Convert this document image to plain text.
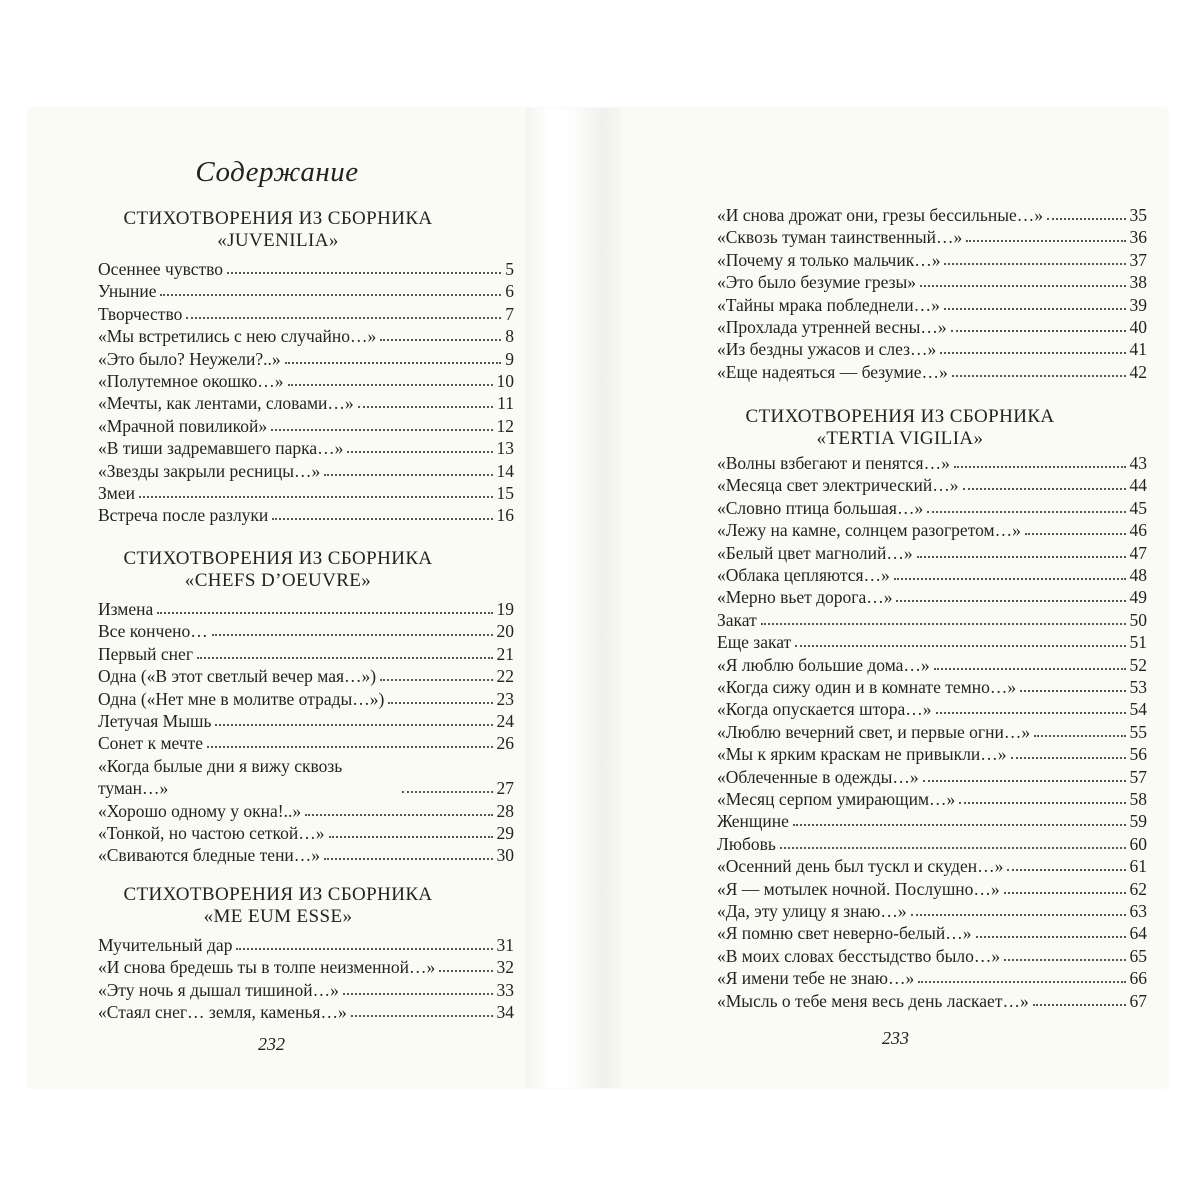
Содержание
232
СТИХОТВОРЕНИЯ ИЗ СБОРНИКА
«JUVENILIA»
Осеннее чувство	5
Уныние	6
Творчество	7
«Мы встретились с нею случайно…»	8
«Это было? Неужели?..»	9
«Полутемное окошко…»	10
«Мечты, как лентами, словами…»	11
«Мрачной повиликой»	12
«В тиши задремавшего парка…»	13
«Звезды закрыли ресницы…»	14
Змеи	15
Встреча после разлуки	16
СТИХОТВОРЕНИЯ ИЗ СБОРНИКА
«CHEFS D’OEUVRE»
Измена	19
Все кончено…	20
Первый снег	21
Одна («В этот светлый вечер мая…»)	22
Одна («Нет мне в молитве отрады…»)	23
Летучая Мышь	24
Сонет к мечте	26
«Когда былые дни я вижу сквозь туман…»	27
«Хорошо одному у окна!..»	28
«Тонкой, но частою сеткой…»	29
«Свиваются бледные тени…»	30
СТИХОТВОРЕНИЯ ИЗ СБОРНИКА
«ME EUM ESSE»
Мучительный дар	31
«И снова бредешь ты в толпе неизменной…»	32
«Эту ночь я дышал тишиной…»	33
«Стаял снег… земля, каменья…»	34
233
«И снова дрожат они, грезы бессильные…»	35
«Сквозь туман таинственный…»	36
«Почему я только мальчик…»	37
«Это было безумие грезы»	38
«Тайны мрака побледнели…»	39
«Прохлада утренней весны…»	40
«Из бездны ужасов и слез…»	41
«Еще надеяться — безумие…»	42
СТИХОТВОРЕНИЯ ИЗ СБОРНИКА
«TERTIA VIGILIA»
«Волны взбегают и пенятся…»	43
«Месяца свет электрический…»	44
«Словно птица большая…»	45
«Лежу на камне, солнцем разогретом…»	46
«Белый цвет магнолий…»	47
«Облака цепляются…»	48
«Мерно вьет дорога…»	49
Закат	50
Еще закат	51
«Я люблю большие дома…»	52
«Когда сижу один и в комнате темно…»	53
«Когда опускается штора…»	54
«Люблю вечерний свет, и первые огни…»	55
«Мы к ярким краскам не привыкли…»	56
«Облеченные в одежды…»	57
«Месяц серпом умирающим…»	58
Женщине	59
Любовь	60
«Осенний день был тускл и скуден…»	61
«Я — мотылек ночной. Послушно…»	62
«Да, эту улицу я знаю…»	63
«Я помню свет неверно-белый…»	64
«В моих словах бесстыдство было…»	65
«Я имени тебе не знаю…»	66
«Мысль о тебе меня весь день ласкает…»	67
